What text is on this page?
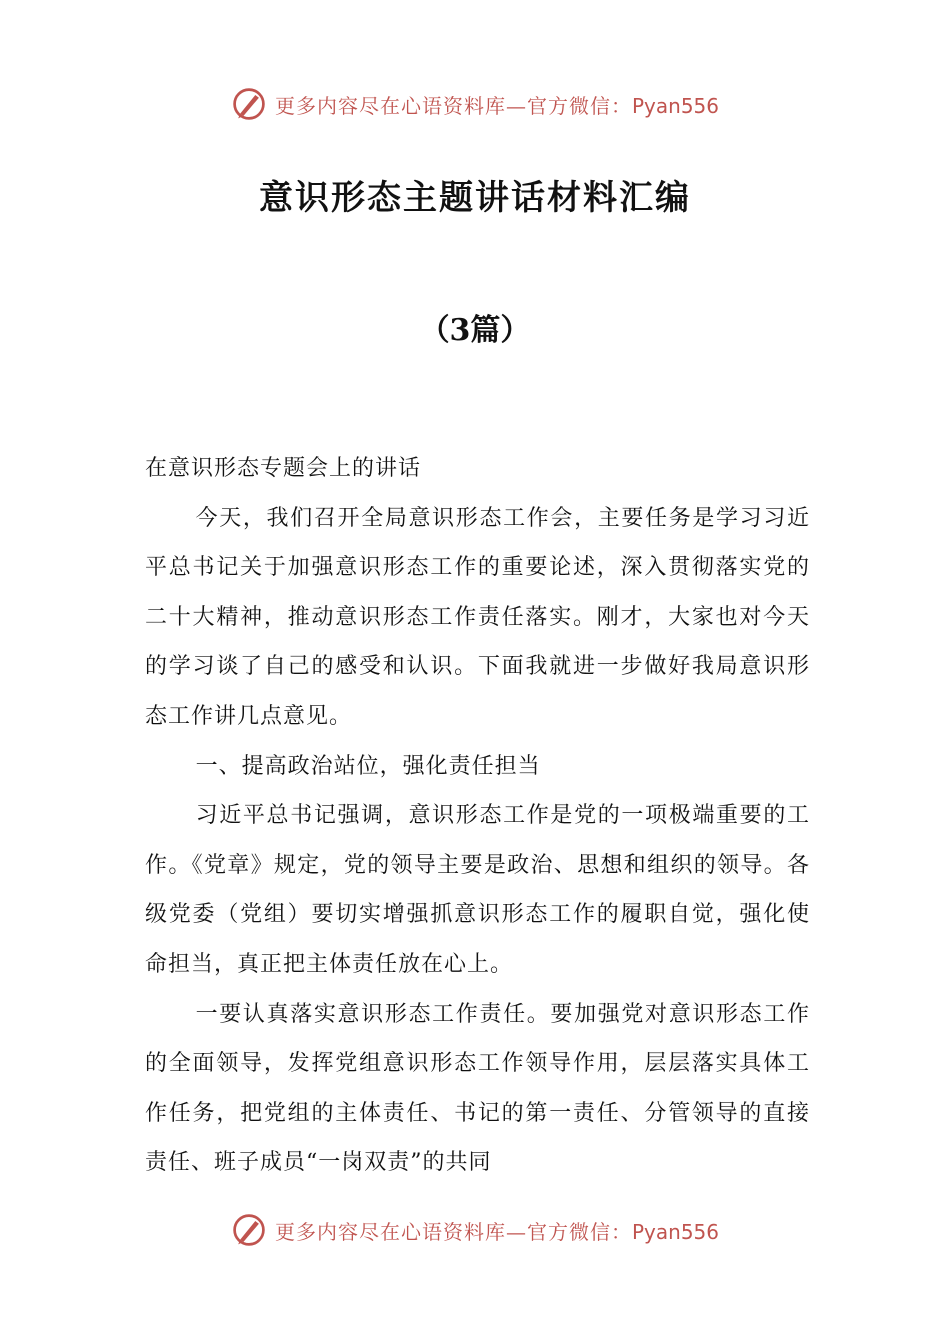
更多内容尽在心语资料库—官方微信：Pyan556
意识形态主题讲话材料汇编
（3篇）

在意识形态专题会上的讲话

今天，我们召开全局意识形态工作会，主要任务是学习习近平总书记关于加强意识形态工作的重要论述，深入贯彻落实党的二十大精神，推动意识形态工作责任落实。刚才，大家也对今天的学习谈了自己的感受和认识。下面我就进一步做好我局意识形态工作讲几点意见。

一、提高政治站位，强化责任担当

习近平总书记强调，意识形态工作是党的一项极端重要的工作。《党章》规定，党的领导主要是政治、思想和组织的领导。各级党委（党组）要切实增强抓意识形态工作的履职自觉，强化使命担当，真正把主体责任放在心上。

一要认真落实意识形态工作责任。要加强党对意识形态工作的全面领导，发挥党组意识形态工作领导作用，层层落实具体工作任务，把党组的主体责任、书记的第一责任、分管领导的直接责任、班子成员“一岗双责”的共同

更多内容尽在心语资料库—官方微信：Pyan556
